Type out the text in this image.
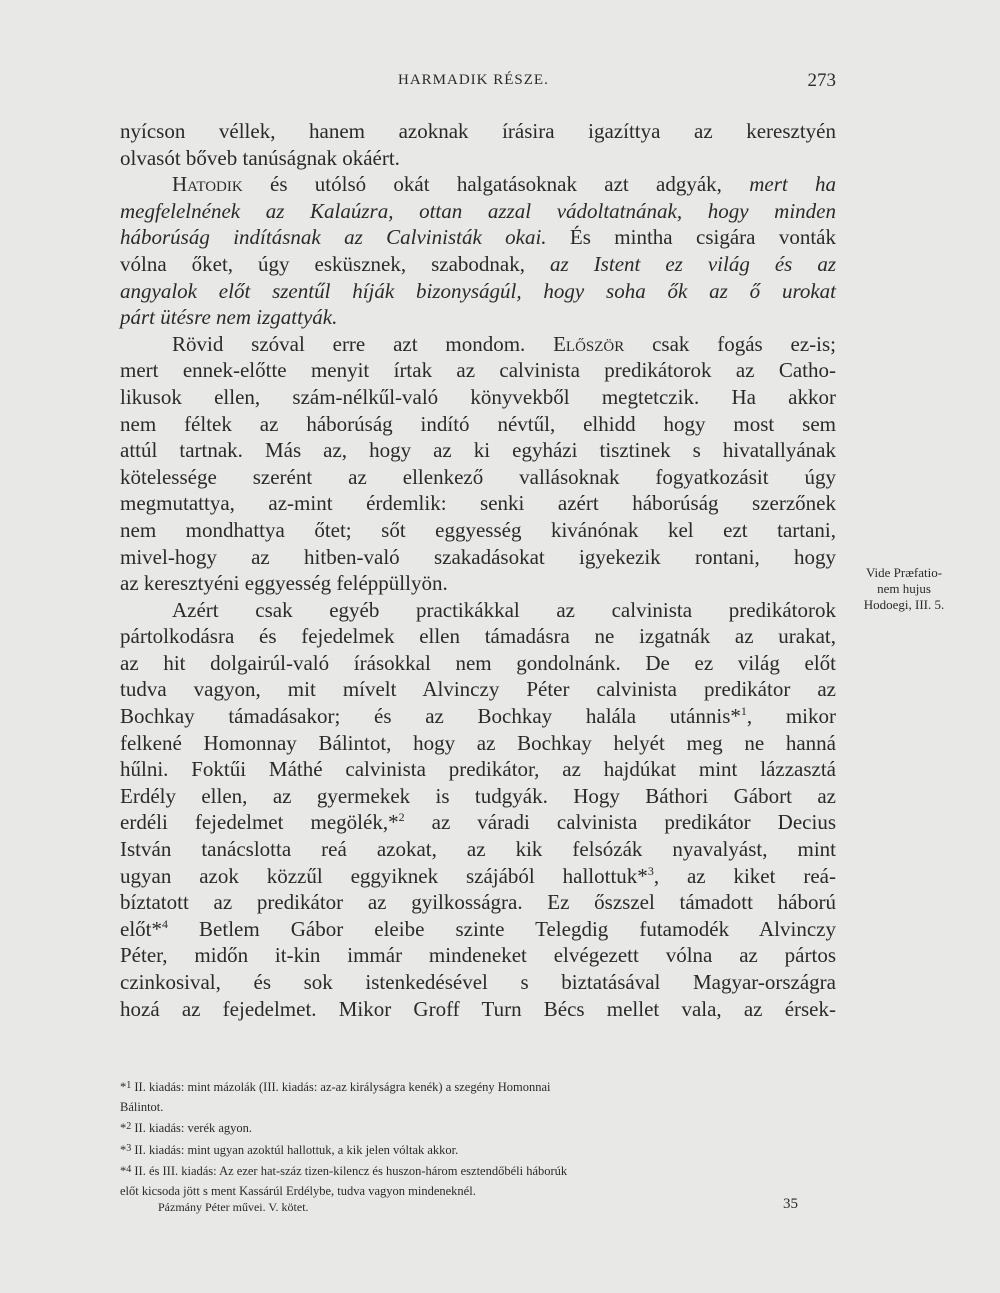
HARMADIK RÉSZE.	273
nyícson véllek, hanem azoknak írásira igazíttya az keresztyén
olvasót bőveb tanúságnak okáért.
Hatodik és utólsó okát halgatásoknak azt adgyák, mert ha
megfelelnének az Kalaúzra, ottan azzal vádoltatnának, hogy minden
háborúság indításnak az Calvinisták okai. És mintha csigára vonták
vólna őket, úgy esküsznek, szabodnak, az Istent ez világ és az
angyalok előt szentűl híják bizonyságúl, hogy soha ők az ő urokat
párt ütésre nem izgattyák.
Rövid szóval erre azt mondom. Először csak fogás ez-is;
mert ennek-előtte menyit írtak az calvinista predikátorok az Catho-
likusok ellen, szám-nélkűl-való könyvekből megtetczik. Ha akkor
nem féltek az háborúság indító névtűl, elhidd hogy most sem
attúl tartnak. Más az, hogy az ki egyházi tisztinek s hivatallyának
kötelessége szerént az ellenkező vallásoknak fogyatkozásit úgy
megmutattya, az-mint érdemlik: senki azért háborúság szerzőnek
nem mondhattya őtet; sőt eggyesség kivánónak kel ezt tartani,
mivel-hogy az hitben-való szakadásokat igyekezik rontani, hogy
az keresztyéni eggyesség feléppüllyön.
Azért csak egyéb practikákkal az calvinista predikátorok
pártolkodásra és fejedelmek ellen támadásra ne izgatnák az urakat,
az hit dolgairúl-való írásokkal nem gondolnánk. De ez világ előt
tudva vagyon, mit mívelt Alvinczy Péter calvinista predikátor az
Bochkay támadásakor; és az Bochkay halála utánnis*$^1$, mikor
felkené Homonnay Bálintot, hogy az Bochkay helyét meg ne hanná
hűlni. Foktűi Máthé calvinista predikátor, az hajdúkat mint lázzasztá
Erdély ellen, az gyermekek is tudgyák. Hogy Báthori Gábort az
erdéli fejedelmet megölék,*$^2$ az váradi calvinista predikátor Decius
István tanácslotta reá azokat, az kik felsózák nyavalyást, mint
ugyan azok közzűl eggyiknek szájából hallottuk*$^3$, az kiket reá-
bíztatott az predikátor az gyilkosságra. Ez őszszel támadott háború
előt*$^4$ Betlem Gábor eleibe szinte Telegdig futamodék Alvinczy
Péter, midőn it-kin immár mindeneket elvégezett vólna az pártos
czinkosival, és sok istenkedésével s biztatásával Magyar-országra
hozá az fejedelmet. Mikor Groff Turn Bécs mellet vala, az érsek-
Vide Præfatio-
nem hujus
Hodoegi, III. 5.
*$^1$ II. kiadás: mint mázolák (III. kiadás: az-az királyságra kenék) a szegény Homonnai
Bálintot.
*$^2$ II. kiadás: verék agyon.
*$^3$ II. kiadás: mint ugyan azoktúl hallottuk, a kik jelen vóltak akkor.
*$^4$ II. és III. kiadás: Az ezer hat-száz tizen-kilencz és huszon-három esztendőbéli háborúk
előt kicsoda jött s ment Kassárúl Erdélybe, tudva vagyon mindeneknél.
Pázmány Péter művei. V. kötet.	35
